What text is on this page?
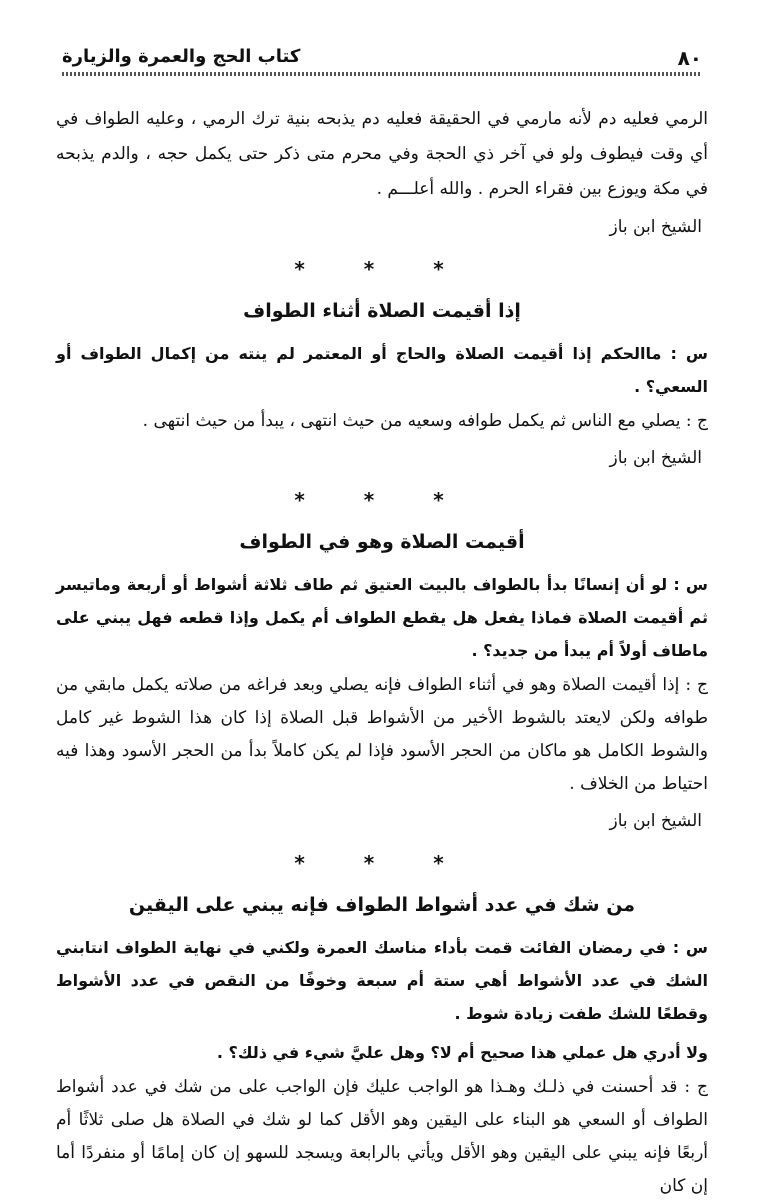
٨٠
كتاب الحج والعمرة والزيارة

الرمي فعليه دم لأنه مارمي في الحقيقة فعليه دم يذبحه بنية ترك الرمي ، وعليه الطواف في أي وقت فيطوف ولو في آخر ذي الحجة وفي محرم متى ذكر حتى يكمل حجه ، والدم يذبحه في مكة ويوزع بين فقراء الحرم . والله أعلـــم .

الشيخ ابن باز
* * *
إذا أقيمت الصلاة أثناء الطواف

س : ماالحكم إذا أقيمت الصلاة والحاج أو المعتمر لم ينته من إكمال الطواف أو السعي؟ .

ج : يصلي مع الناس ثم يكمل طوافه وسعيه من حيث انتهى ، يبدأ من حيث انتهى .

الشيخ ابن باز
* * *
أقيمت الصلاة وهو في الطواف

س : لو أن إنسانًا بدأ بالطواف بالبيت العتيق ثم طاف ثلاثة أشواط أو أربعة وماتيسر ثم أقيمت الصلاة فماذا يفعل هل يقطع الطواف أم يكمل وإذا قطعه فهل يبني على ماطاف أولاً أم يبدأ من جديد؟ .

ج : إذا أقيمت الصلاة وهو في أثناء الطواف فإنه يصلي وبعد فراغه من صلاته يكمل مابقي من طوافه ولكن لايعتد بالشوط الأخير من الأشواط قبل الصلاة إذا كان هذا الشوط غير كامل والشوط الكامل هو ماكان من الحجر الأسود فإذا لم يكن كاملاً بدأ من الحجر الأسود وهذا فيه احتياط من الخلاف .

الشيخ ابن باز
* * *
من شك في عدد أشواط الطواف فإنه يبني على اليقين

س : في رمضان الفائت قمت بأداء مناسك العمرة ولكني في نهاية الطواف انتابني الشك في عدد الأشواط أهي ستة أم سبعة وخوفًا من النقص في عدد الأشواط وقطعًا للشك طفت زيادة شوط .

ولا أدري هل عملي هذا صحيح أم لا؟ وهل عليَّ شيء في ذلك؟ .

ج : قد أحسنت في ذلـك وهـذا هو الواجب عليك فإن الواجب على من شك في عدد أشواط الطواف أو السعي هو البناء على اليقين وهو الأقل كما لو شك في الصلاة هل صلى ثلاثًا أم أربعًا فإنه يبني على اليقين وهو الأقل ويأتي بالرابعة ويسجد للسهو إن كان إمامًا أو منفردًا أما إن كان
